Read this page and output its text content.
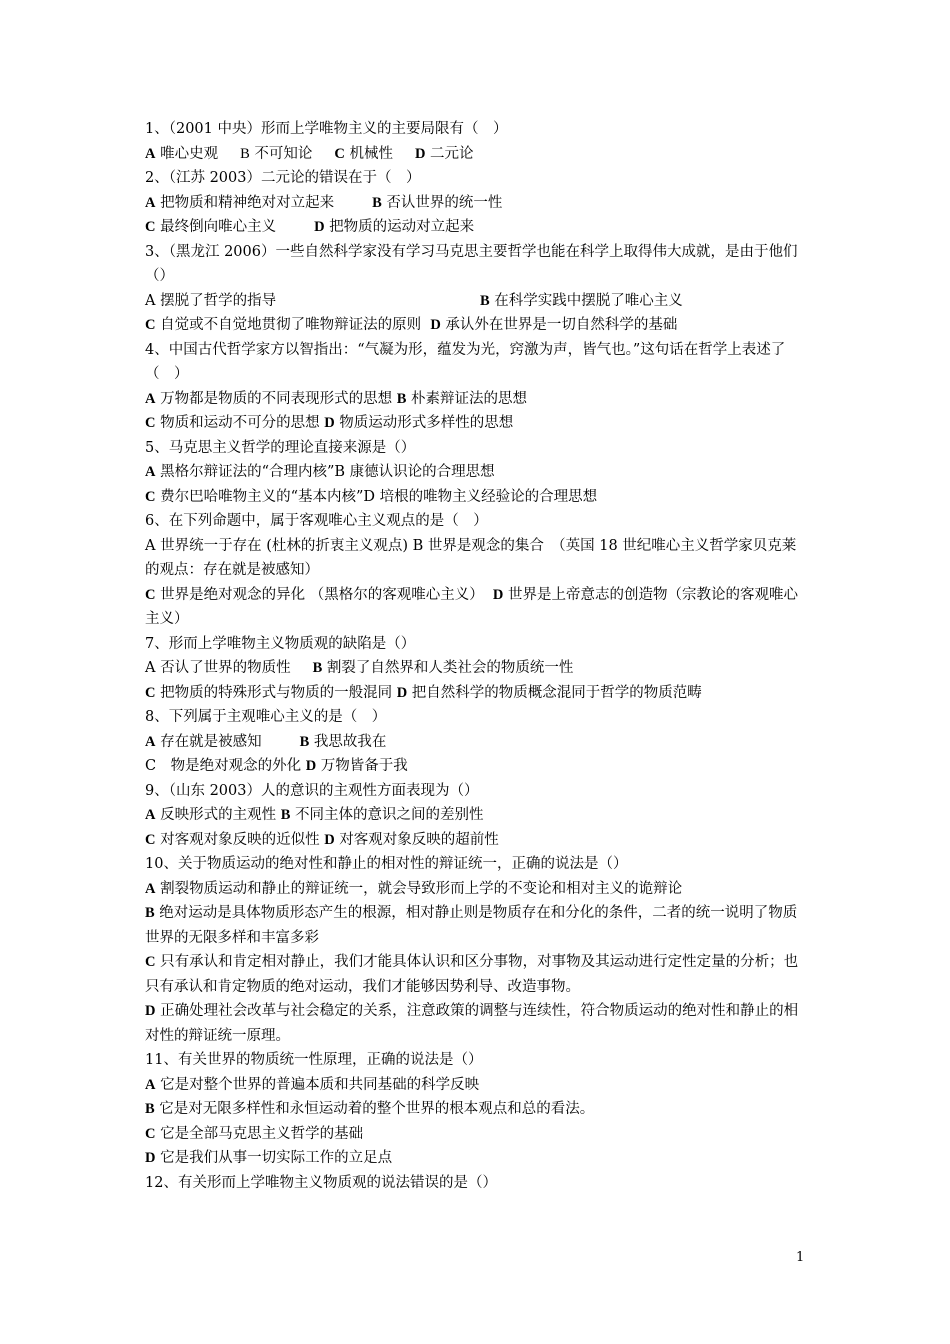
1、（2001 中央）形而上学唯物主义的主要局限有（　）
A 唯心史观 B 不可知论 C 机械性 D 二元论
2、（江苏 2003）二元论的错误在于（　）
A 把物质和精神绝对对立起来	B 否认世界的统一性
C 最终倒向唯心主义	D 把物质的运动对立起来
3、（黑龙江 2006）一些自然科学家没有学习马克思主要哲学也能在科学上取得伟大成就，是由于他们（）
A 摆脱了哲学的指导	B 在科学实践中摆脱了唯心主义
C 自觉或不自觉地贯彻了唯物辩证法的原则 D 承认外在世界是一切自然科学的基础
4、中国古代哲学家方以智指出：“气凝为形，蕴发为光，窍激为声，皆气也。”这句话在哲学上表述了（　）
A 万物都是物质的不同表现形式的思想 B 朴素辩证法的思想
C 物质和运动不可分的思想 D 物质运动形式多样性的思想
5、马克思主义哲学的理论直接来源是（）
A 黑格尔辩证法的“合理内核”B 康德认识论的合理思想
C 费尔巴哈唯物主义的“基本内核”D 培根的唯物主义经验论的合理思想
6、在下列命题中，属于客观唯心主义观点的是（　）
A 世界统一于存在 (杜林的折衷主义观点) B 世界是观念的集合　（英国 18 世纪唯心主义哲学家贝克莱的观点：存在就是被感知）
C 世界是绝对观念的异化 （黑格尔的客观唯心主义） D 世界是上帝意志的创造物（宗教论的客观唯心主义）
7、形而上学唯物主义物质观的缺陷是（）
A 否认了世界的物质性 B 割裂了自然界和人类社会的物质统一性
C 把物质的特殊形式与物质的一般混同 D 把自然科学的物质概念混同于哲学的物质范畴
8、下列属于主观唯心主义的是（　）
A 存在就是被感知	B 我思故我在
C　物是绝对观念的外化 D 万物皆备于我
9、（山东 2003）人的意识的主观性方面表现为（）
A 反映形式的主观性 B 不同主体的意识之间的差别性
C 对客观对象反映的近似性 D 对客观对象反映的超前性
10、关于物质运动的绝对性和静止的相对性的辩证统一，正确的说法是（）
A 割裂物质运动和静止的辩证统一，就会导致形而上学的不变论和相对主义的诡辩论
B 绝对运动是具体物质形态产生的根源，相对静止则是物质存在和分化的条件，二者的统一说明了物质世界的无限多样和丰富多彩
C 只有承认和肯定相对静止，我们才能具体认识和区分事物，对事物及其运动进行定性定量的分析；也只有承认和肯定物质的绝对运动，我们才能够因势利导、改造事物。
D 正确处理社会改革与社会稳定的关系，注意政策的调整与连续性，符合物质运动的绝对性和静止的相对性的辩证统一原理。
11、有关世界的物质统一性原理，正确的说法是（）
A 它是对整个世界的普遍本质和共同基础的科学反映
B 它是对无限多样性和永恒运动着的整个世界的根本观点和总的看法。
C 它是全部马克思主义哲学的基础
D 它是我们从事一切实际工作的立足点
12、有关形而上学唯物主义物质观的说法错误的是（）
1
